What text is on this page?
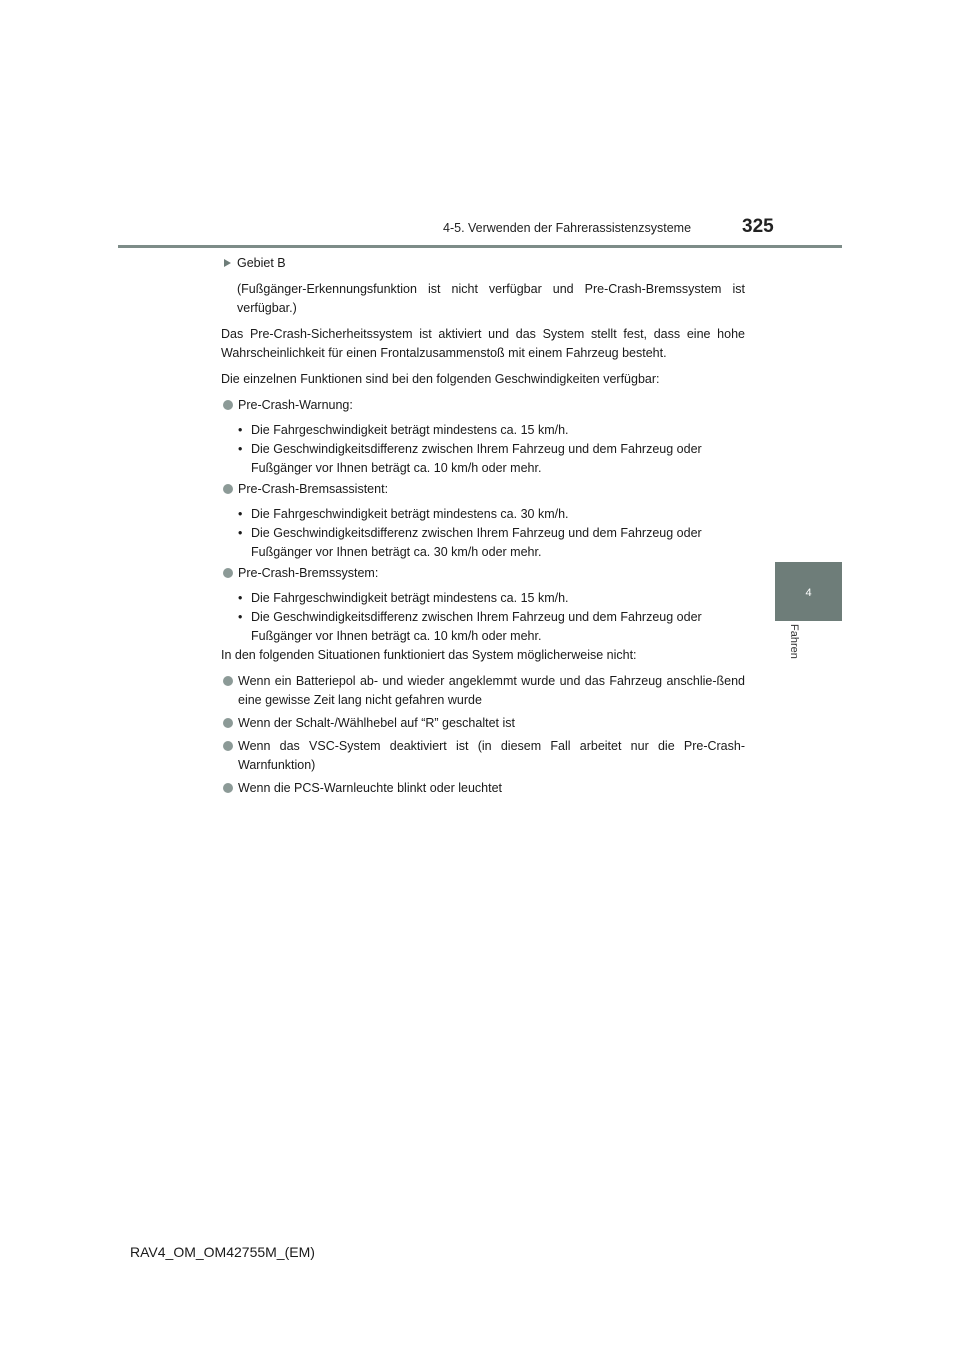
4-5. Verwenden der Fahrerassistenzsysteme	325
4
Fahren
Gebiet B

(Fußgänger-Erkennungsfunktion ist nicht verfügbar und Pre-Crash-Bremssystem ist verfügbar.)

Das Pre-Crash-Sicherheitssystem ist aktiviert und das System stellt fest, dass eine hohe Wahrscheinlichkeit für einen Frontalzusammenstoß mit einem Fahrzeug besteht.

Die einzelnen Funktionen sind bei den folgenden Geschwindigkeiten verfügbar:

Pre-Crash-Warnung:
• Die Fahrgeschwindigkeit beträgt mindestens ca. 15 km/h.
• Die Geschwindigkeitsdifferenz zwischen Ihrem Fahrzeug und dem Fahrzeug oder Fußgänger vor Ihnen beträgt ca. 10 km/h oder mehr.
Pre-Crash-Bremsassistent:
• Die Fahrgeschwindigkeit beträgt mindestens ca. 30 km/h.
• Die Geschwindigkeitsdifferenz zwischen Ihrem Fahrzeug und dem Fahrzeug oder Fußgänger vor Ihnen beträgt ca. 30 km/h oder mehr.
Pre-Crash-Bremssystem:
• Die Fahrgeschwindigkeit beträgt mindestens ca. 15 km/h.
• Die Geschwindigkeitsdifferenz zwischen Ihrem Fahrzeug und dem Fahrzeug oder Fußgänger vor Ihnen beträgt ca. 10 km/h oder mehr.

In den folgenden Situationen funktioniert das System möglicherweise nicht:

Wenn ein Batteriepol ab- und wieder angeklemmt wurde und das Fahrzeug anschlie-ßend eine gewisse Zeit lang nicht gefahren wurde
Wenn der Schalt-/Wählhebel auf “R” geschaltet ist
Wenn das VSC-System deaktiviert ist (in diesem Fall arbeitet nur die Pre-Crash-Warnfunktion)
Wenn die PCS-Warnleuchte blinkt oder leuchtet
RAV4_OM_OM42755M_(EM)
